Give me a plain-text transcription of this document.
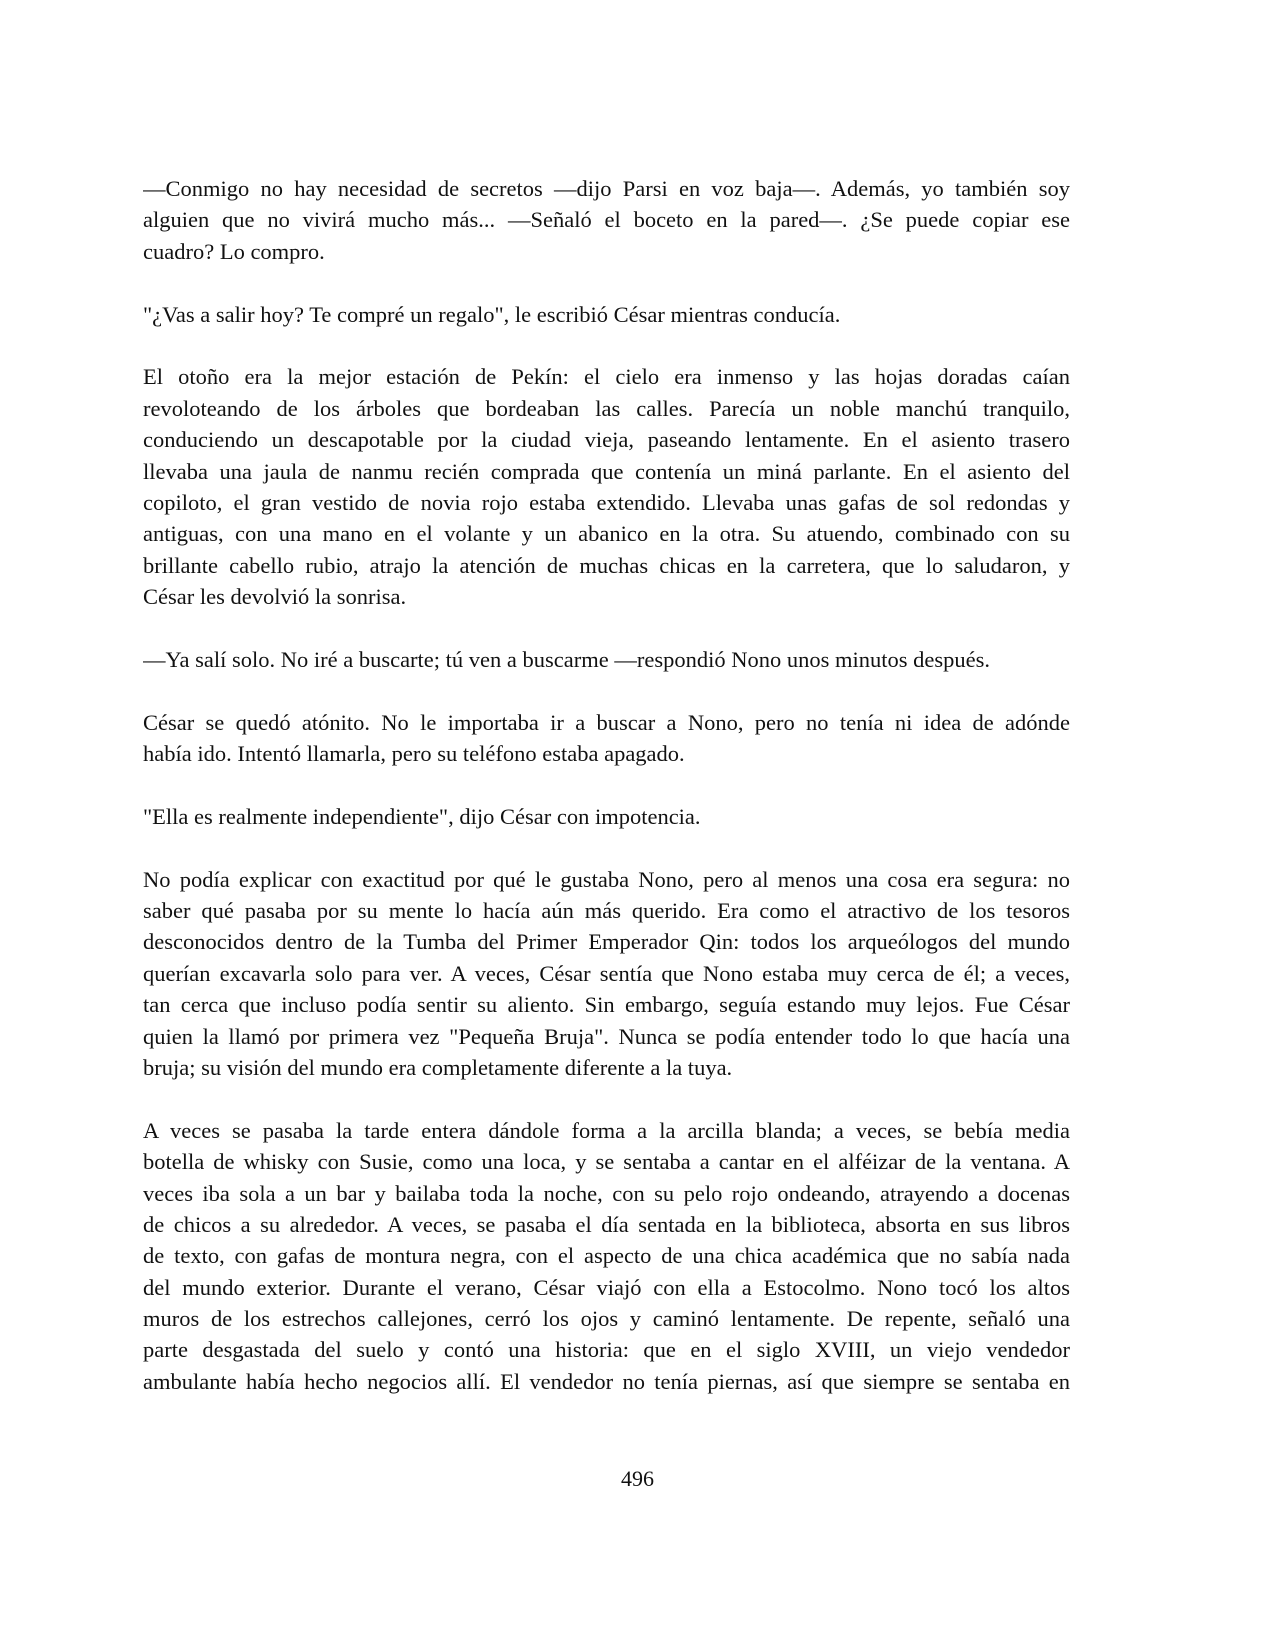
—Conmigo no hay necesidad de secretos —dijo Parsi en voz baja—. Además, yo también soy
alguien que no vivirá mucho más... —Señaló el boceto en la pared—. ¿Se puede copiar ese
cuadro? Lo compro.
"¿Vas a salir hoy? Te compré un regalo", le escribió César mientras conducía.
El otoño era la mejor estación de Pekín: el cielo era inmenso y las hojas doradas caían
revoloteando de los árboles que bordeaban las calles. Parecía un noble manchú tranquilo,
conduciendo un descapotable por la ciudad vieja, paseando lentamente. En el asiento trasero
llevaba una jaula de nanmu recién comprada que contenía un miná parlante. En el asiento del
copiloto, el gran vestido de novia rojo estaba extendido. Llevaba unas gafas de sol redondas y
antiguas, con una mano en el volante y un abanico en la otra. Su atuendo, combinado con su
brillante cabello rubio, atrajo la atención de muchas chicas en la carretera, que lo saludaron, y
César les devolvió la sonrisa.
—Ya salí solo. No iré a buscarte; tú ven a buscarme —respondió Nono unos minutos después.
César se quedó atónito. No le importaba ir a buscar a Nono, pero no tenía ni idea de adónde
había ido. Intentó llamarla, pero su teléfono estaba apagado.
"Ella es realmente independiente", dijo César con impotencia.
No podía explicar con exactitud por qué le gustaba Nono, pero al menos una cosa era segura: no
saber qué pasaba por su mente lo hacía aún más querido. Era como el atractivo de los tesoros
desconocidos dentro de la Tumba del Primer Emperador Qin: todos los arqueólogos del mundo
querían excavarla solo para ver. A veces, César sentía que Nono estaba muy cerca de él; a veces,
tan cerca que incluso podía sentir su aliento. Sin embargo, seguía estando muy lejos. Fue César
quien la llamó por primera vez "Pequeña Bruja". Nunca se podía entender todo lo que hacía una
bruja; su visión del mundo era completamente diferente a la tuya.
A veces se pasaba la tarde entera dándole forma a la arcilla blanda; a veces, se bebía media
botella de whisky con Susie, como una loca, y se sentaba a cantar en el alféizar de la ventana. A
veces iba sola a un bar y bailaba toda la noche, con su pelo rojo ondeando, atrayendo a docenas
de chicos a su alrededor. A veces, se pasaba el día sentada en la biblioteca, absorta en sus libros
de texto, con gafas de montura negra, con el aspecto de una chica académica que no sabía nada
del mundo exterior. Durante el verano, César viajó con ella a Estocolmo. Nono tocó los altos
muros de los estrechos callejones, cerró los ojos y caminó lentamente. De repente, señaló una
parte desgastada del suelo y contó una historia: que en el siglo XVIII, un viejo vendedor
ambulante había hecho negocios allí. El vendedor no tenía piernas, así que siempre se sentaba en
496
